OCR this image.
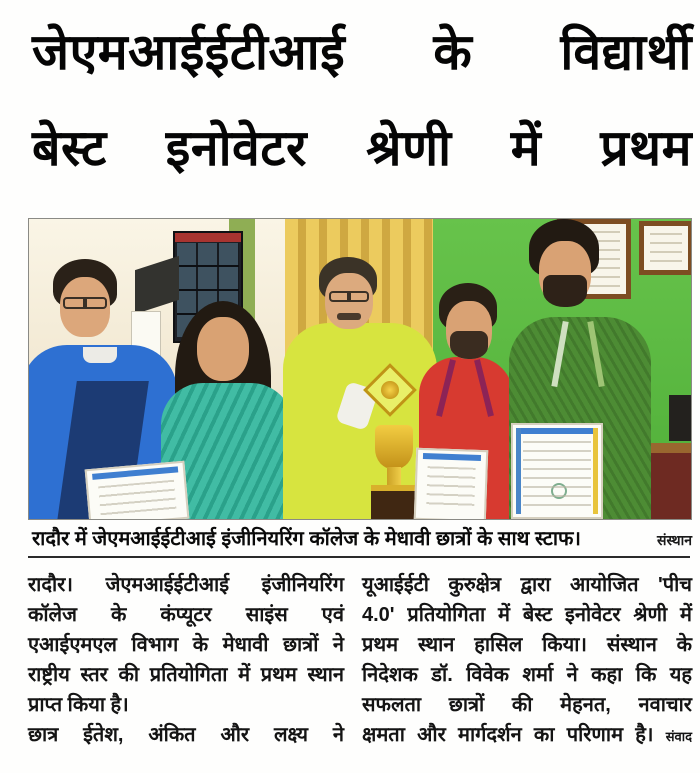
जेएमआईईटीआई के विद्यार्थी
बेस्ट इनोवेटर श्रेणी में प्रथम
रादौर में जेएमआईईटीआई इंजीनियरिंग कॉलेज के मेधावी छात्रों के साथ स्टाफ।	संस्थान
रादौर। जेएमआईईटीआई इंजीनियरिंग
कॉलेज के कंप्यूटर साइंस एवं
एआईएमएल विभाग के मेधावी छात्रों ने
राष्ट्रीय स्तर की प्रतियोगिता में प्रथम स्थान
प्राप्त किया है।
छात्र ईतेश, अंकित और लक्ष्य ने
यूआईईटी कुरुक्षेत्र द्वारा आयोजित 'पीच
4.0' प्रतियोगिता में बेस्ट इनोवेटर श्रेणी में
प्रथम स्थान हासिल किया। संस्थान के
निदेशक डॉ. विवेक शर्मा ने कहा कि यह
सफलता छात्रों की मेहनत, नवाचार
क्षमता और मार्गदर्शन का परिणाम है। संवाद
